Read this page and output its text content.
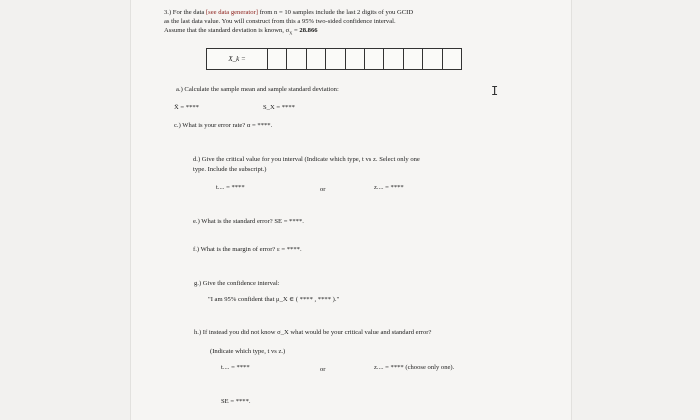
3.) For the data [see data generator] from n = 10 samples include the last 2 digits of you GCID
as the last data value. You will construct from this a 95% two-sided confidence interval.
Assume that the standard deviation is known, $\sigma_X = 28.866$
X_k =
I
a.) Calculate the sample mean and sample standard deviation:
X̄ = ****	S_X = ****
c.) What is your error rate? α = ****.
d.) Give the critical value for you interval (Indicate which type, t vs z. Select only one
type. Include the subscript.)
t.... = ****	or	z.... = ****
e.) What is the standard error? SE = ****.
f.) What is the margin of error? ε = ****.
g.) Give the confidence interval:
"I am 95% confident that μ_X ∈ ( **** , **** )."
h.) If instead you did not know σ_X what would be your critical value and standard error?
(Indicate which type, t vs z.)
t.... = ****	or	z.... = **** (choose only one).
SE = ****.
